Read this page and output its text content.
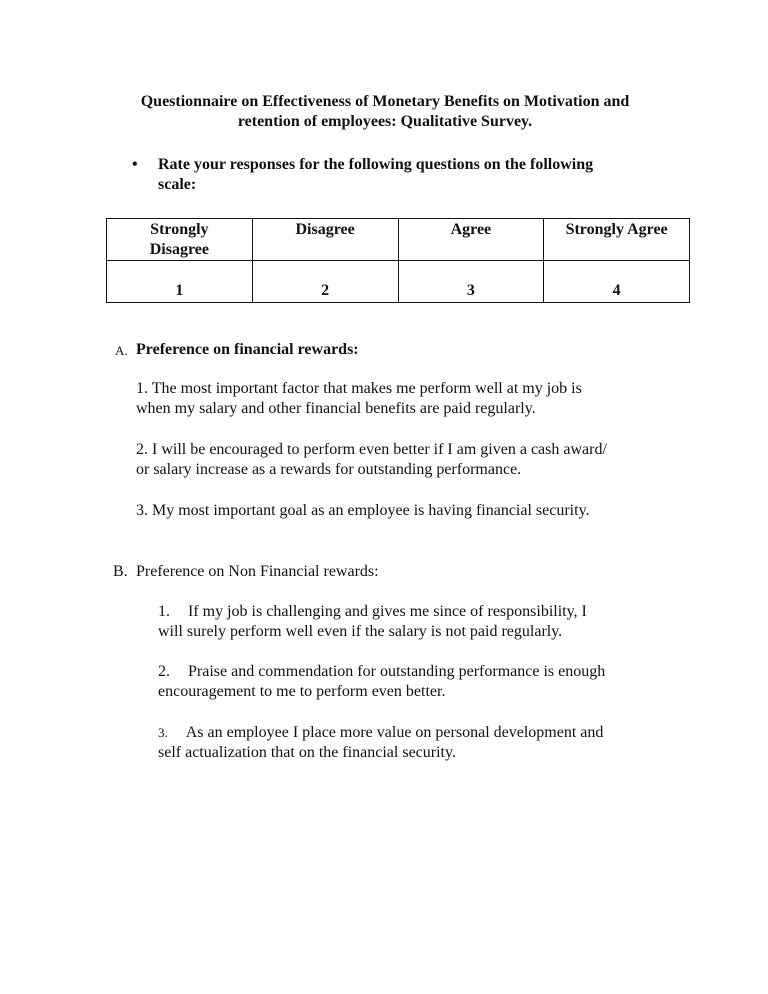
Questionnaire on Effectiveness of Monetary Benefits on Motivation and
retention of employees: Qualitative Survey.
• Rate your responses for the following questions on the following
scale:
Strongly
Disagree	Disagree	Agree	Strongly Agree
1	2	3	4
A. Preference on financial rewards:
1. The most important factor that makes me perform well at my job is
when my salary and other financial benefits are paid regularly.
2. I will be encouraged to perform even better if I am given a cash award/
or salary increase as a rewards for outstanding performance.
3. My most important goal as an employee is having financial security.
B. Preference on Non Financial rewards:
1. If my job is challenging and gives me since of responsibility, I
will surely perform well even if the salary is not paid regularly.
2. Praise and commendation for outstanding performance is enough
encouragement to me to perform even better.
3. As an employee I place more value on personal development and
self actualization that on the financial security.
